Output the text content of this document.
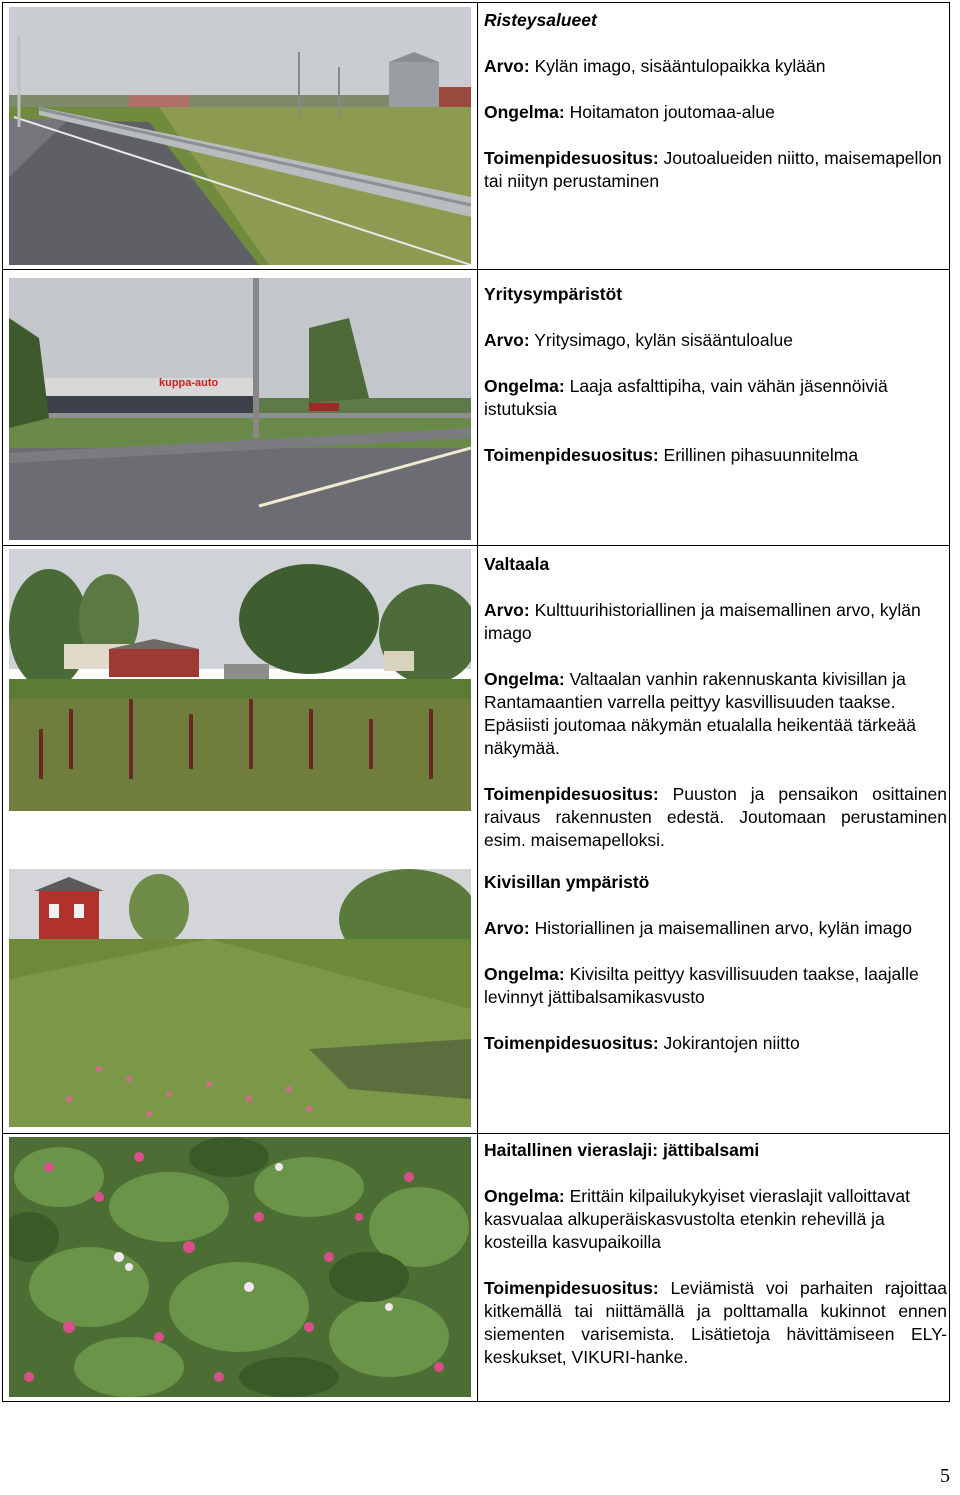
Risteysalueet

Arvo: Kylän imago, sisääntulopaikka kylään

Ongelma: Hoitamaton joutomaa-alue

Toimenpidesuositus: Joutoalueiden niitto, maisemapellon tai niityn perustaminen

kuppa-auto

Yritysympäristöt

Arvo: Yritysimago, kylän sisääntuloalue

Ongelma: Laaja asfalttipiha, vain vähän jäsennöiviä istutuksia

Toimenpidesuositus: Erillinen pihasuunnitelma

Valtaala

Arvo: Kulttuurihistoriallinen ja maisemallinen arvo, kylän imago

Ongelma: Valtaalan vanhin rakennuskanta kivisillan ja Rantamaantien varrella peittyy kasvillisuuden taakse. Epäsiisti joutomaa näkymän etualalla heikentää tärkeää näkymää.

Toimenpidesuositus: Puuston ja pensaikon osittainen raivaus rakennusten edestä. Joutomaan perustaminen esim. maisemapelloksi.

Kivisillan ympäristö

Arvo: Historiallinen ja maisemallinen arvo, kylän imago

Ongelma: Kivisilta peittyy kasvillisuuden taakse, laajalle levinnyt jättibalsamikasvusto

Toimenpidesuositus: Jokirantojen niitto

Haitallinen vieraslaji: jättibalsami

Ongelma: Erittäin kilpailukykyiset vieraslajit valloittavat kasvualaa alkuperäiskasvustolta etenkin rehevillä ja kosteilla kasvupaikoilla

Toimenpidesuositus: Leviämistä voi parhaiten rajoittaa kitkemällä tai niittämällä ja polttamalla kukinnot ennen siementen varisemista. Lisätietoja hävittämiseen ELY-keskukset, VIKURI-hanke.

5
